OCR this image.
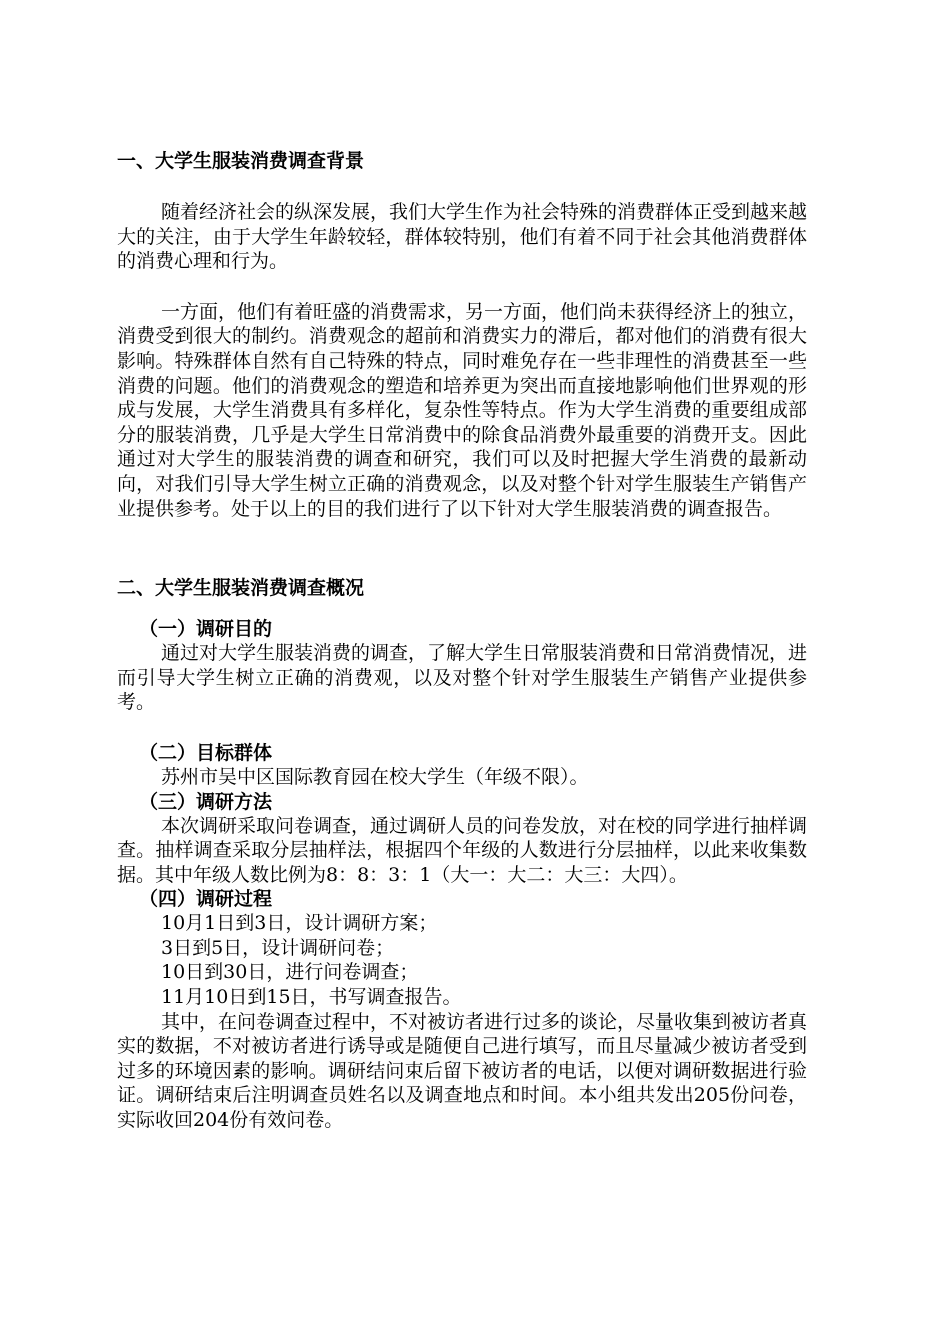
一、大学生服装消费调查背景

随着经济社会的纵深发展，我们大学生作为社会特殊的消费群体正受到越来越大的关注，由于大学生年龄较轻，群体较特别，他们有着不同于社会其他消费群体的消费心理和行为。

一方面，他们有着旺盛的消费需求，另一方面，他们尚未获得经济上的独立，消费受到很大的制约。消费观念的超前和消费实力的滞后，都对他们的消费有很大影响。特殊群体自然有自己特殊的特点，同时难免存在一些非理性的消费甚至一些消费的问题。他们的消费观念的塑造和培养更为突出而直接地影响他们世界观的形成与发展，大学生消费具有多样化，复杂性等特点。作为大学生消费的重要组成部分的服装消费，几乎是大学生日常消费中的除食品消费外最重要的消费开支。因此通过对大学生的服装消费的调查和研究，我们可以及时把握大学生消费的最新动向，对我们引导大学生树立正确的消费观念，以及对整个针对学生服装生产销售产业提供参考。处于以上的目的我们进行了以下针对大学生服装消费的调查报告。

二、大学生服装消费调查概况
（一）调研目的

通过对大学生服装消费的调查，了解大学生日常服装消费和日常消费情况，进而引导大学生树立正确的消费观，以及对整个针对学生服装生产销售产业提供参考。

（二）目标群体

苏州市吴中区国际教育园在校大学生（年级不限）。

（三）调研方法

本次调研采取问卷调查，通过调研人员的问卷发放，对在校的同学进行抽样调查。抽样调查采取分层抽样法，根据四个年级的人数进行分层抽样，以此来收集数据。其中年级人数比例为8：8：3：1（大一：大二：大三：大四）。

（四）调研过程

10月1日到3日，设计调研方案；

3日到5日，设计调研问卷；

10日到30日，进行问卷调查；

11月10日到15日，书写调查报告。

其中，在问卷调查过程中，不对被访者进行过多的谈论，尽量收集到被访者真实的数据，不对被访者进行诱导或是随便自己进行填写，而且尽量减少被访者受到过多的环境因素的影响。调研结问束后留下被访者的电话，以便对调研数据进行验证。调研结束后注明调查员姓名以及调查地点和时间。本小组共发出205份问卷，实际收回204份有效问卷。
